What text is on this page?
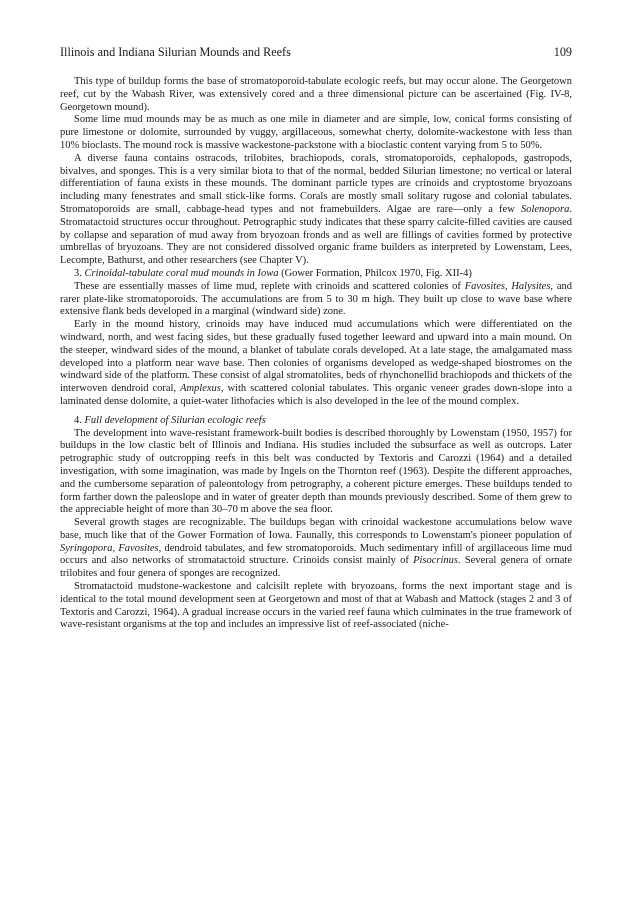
Illinois and Indiana Silurian Mounds and Reefs	109

This type of buildup forms the base of stromatoporoid-tabulate ecologic reefs, but may occur alone. The Georgetown reef, cut by the Wabash River, was extensively cored and a three dimensional picture can be ascertained (Fig. IV-8, Georgetown mound).

Some lime mud mounds may be as much as one mile in diameter and are simple, low, conical forms consisting of pure limestone or dolomite, surrounded by vuggy, argillaceous, somewhat cherty, dolomite-wackestone with less than 10% bioclasts. The mound rock is massive wackestone-packstone with a bioclastic content varying from 5 to 50%.

A diverse fauna contains ostracods, trilobites, brachiopods, corals, stromatoporoids, cephalopods, gastropods, bivalves, and sponges. This is a very similar biota to that of the normal, bedded Silurian limestone; no vertical or lateral differentiation of fauna exists in these mounds. The dominant particle types are crinoids and cryptostome bryozoans including many fenestrates and small stick-like forms. Corals are mostly small solitary rugose and colonial tabulates. Stromatoporoids are small, cabbage-head types and not framebuilders. Algae are rare—only a few Solenopora. Stromatactoid structures occur throughout. Petrographic study indicates that these sparry calcite-filled cavities are caused by collapse and separation of mud away from bryozoan fronds and as well are fillings of cavities formed by protective umbrellas of bryozoans. They are not considered dissolved organic frame builders as interpreted by Lowenstam, Lees, Lecompte, Bathurst, and other researchers (see Chapter V).

3. Crinoidal-tabulate coral mud mounds in Iowa (Gower Formation, Philcox 1970, Fig. XII-4)

These are essentially masses of lime mud, replete with crinoids and scattered colonies of Favosites, Halysites, and rarer plate-like stromatoporoids. The accumulations are from 5 to 30 m high. They built up close to wave base where extensive flank beds developed in a marginal (windward side) zone.

Early in the mound history, crinoids may have induced mud accumulations which were differentiated on the windward, north, and west facing sides, but these gradually fused together leeward and upward into a main mound. On the steeper, windward sides of the mound, a blanket of tabulate corals developed. At a late stage, the amalgamated mass developed into a platform near wave base. Then colonies of organisms developed as wedge-shaped biostromes on the windward side of the platform. These consist of algal stromatolites, beds of rhynchonellid brachiopods and thickets of the interwoven dendroid coral, Amplexus, with scattered colonial tabulates. This organic veneer grades down-slope into a laminated dense dolomite, a quiet-water lithofacies which is also developed in the lee of the mound complex.

4. Full development of Silurian ecologic reefs

The development into wave-resistant framework-built bodies is described thoroughly by Lowenstam (1950, 1957) for buildups in the low clastic belt of Illinois and Indiana. His studies included the subsurface as well as outcrops. Later petrographic study of outcropping reefs in this belt was conducted by Textoris and Carozzi (1964) and a detailed investigation, with some imagination, was made by Ingels on the Thornton reef (1963). Despite the different approaches, and the cumbersome separation of paleontology from petrography, a coherent picture emerges. These buildups tended to form farther down the paleoslope and in water of greater depth than mounds previously described. Some of them grew to the appreciable height of more than 30–70 m above the sea floor.

Several growth stages are recognizable. The buildups began with crinoidal wackestone accumulations below wave base, much like that of the Gower Formation of Iowa. Faunally, this corresponds to Lowenstam's pioneer population of Syringopora, Favosites, dendroid tabulates, and few stromatoporoids. Much sedimentary infill of argillaceous lime mud occurs and also networks of stromatactoid structure. Crinoids consist mainly of Pisocrinus. Several genera of ornate trilobites and four genera of sponges are recognized.

Stromatactoid mudstone-wackestone and calcisilt replete with bryozoans, forms the next important stage and is identical to the total mound development seen at Georgetown and most of that at Wabash and Mattock (stages 2 and 3 of Textoris and Carozzi, 1964). A gradual increase occurs in the varied reef fauna which culminates in the true framework of wave-resistant organisms at the top and includes an impressive list of reef-associated (niche-
